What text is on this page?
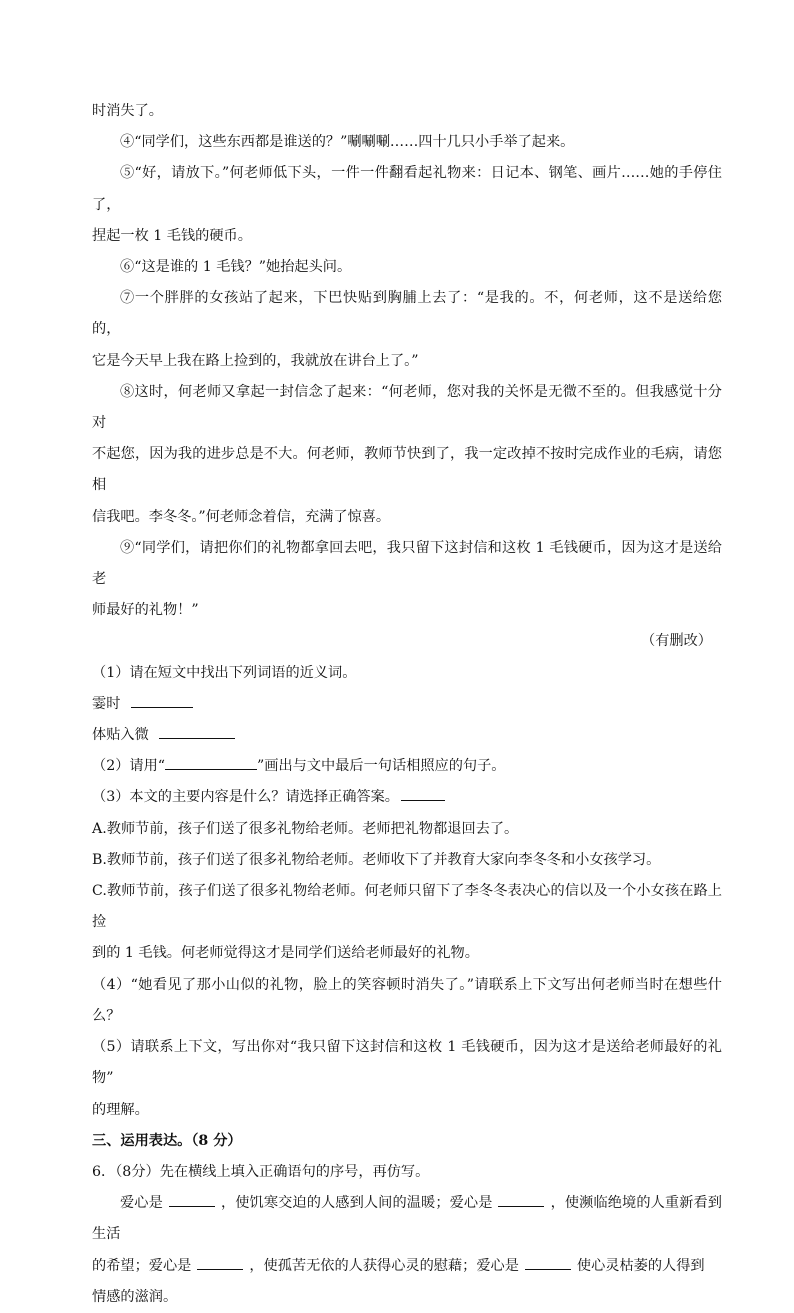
时消失了。

④“同学们，这些东西都是谁送的？”唰唰唰……四十几只小手举了起来。

⑤“好，请放下。”何老师低下头，一件一件翻看起礼物来：日记本、钢笔、画片……她的手停住了，

捏起一枚 1 毛钱的硬币。

⑥“这是谁的 1 毛钱？”她抬起头问。

⑦一个胖胖的女孩站了起来，下巴快贴到胸脯上去了：“是我的。不，何老师，这不是送给您的，

它是今天早上我在路上捡到的，我就放在讲台上了。”

⑧这时，何老师又拿起一封信念了起来：“何老师，您对我的关怀是无微不至的。但我感觉十分对

不起您，因为我的进步总是不大。何老师，教师节快到了，我一定改掉不按时完成作业的毛病，请您相

信我吧。李冬冬。”何老师念着信，充满了惊喜。

⑨“同学们，请把你们的礼物都拿回去吧，我只留下这封信和这枚 1 毛钱硬币，因为这才是送给老

师最好的礼物！”

（有删改）

（1）请在短文中找出下列词语的近义词。

霎时

体贴入微

（2）请用“	”画出与文中最后一句话相照应的句子。

（3）本文的主要内容是什么？请选择正确答案。

A.教师节前，孩子们送了很多礼物给老师。老师把礼物都退回去了。

B.教师节前，孩子们送了很多礼物给老师。老师收下了并教育大家向李冬冬和小女孩学习。

C.教师节前，孩子们送了很多礼物给老师。何老师只留下了李冬冬表决心的信以及一个小女孩在路上捡

到的 1 毛钱。何老师觉得这才是同学们送给老师最好的礼物。

（4）“她看见了那小山似的礼物，脸上的笑容顿时消失了。”请联系上下文写出何老师当时在想些什么？

（5）请联系上下文，写出你对“我只留下这封信和这枚 1 毛钱硬币，因为这才是送给老师最好的礼物”

的理解。

三、运用表达。（8 分）

6．（8分）先在横线上填入正确语句的序号，再仿写。

爱心是	，使饥寒交迫的人感到人间的温暖；爱心是	，使濒临绝境的人重新看到生活

的希望；爱心是	，使孤苦无依的人获得心灵的慰藉；爱心是	使心灵枯萎的人得到

情感的滋润。
